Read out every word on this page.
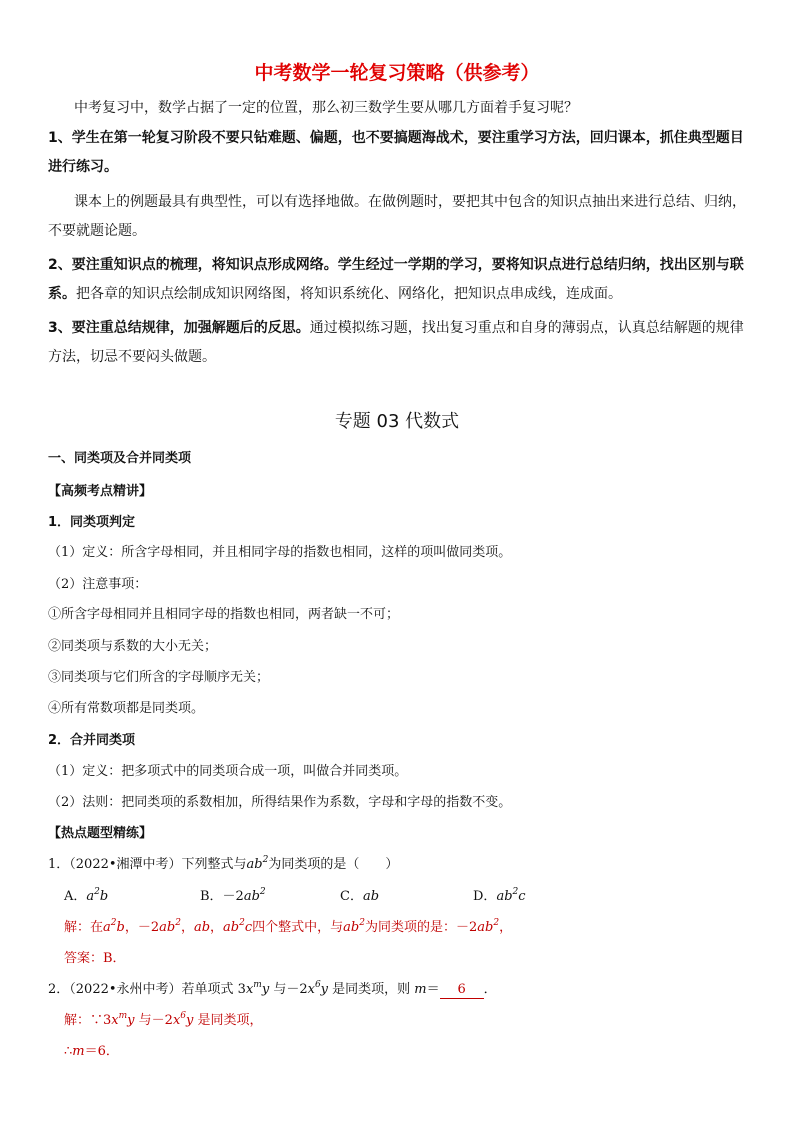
中考数学一轮复习策略（供参考）
中考复习中，数学占据了一定的位置，那么初三数学生要从哪几方面着手复习呢？
1、学生在第一轮复习阶段不要只钻难题、偏题，也不要搞题海战术，要注重学习方法，回归课本，抓住典型题目
进行练习。
课本上的例题最具有典型性，可以有选择地做。在做例题时，要把其中包含的知识点抽出来进行总结、归纳，
不要就题论题。
2、要注重知识点的梳理，将知识点形成网络。学生经过一学期的学习，要将知识点进行总结归纳，找出区别与联
系。把各章的知识点绘制成知识网络图，将知识系统化、网络化，把知识点串成线，连成面。
3、要注重总结规律，加强解题后的反思。通过模拟练习题，找出复习重点和自身的薄弱点，认真总结解题的规律
方法，切忌不要闷头做题。
专题 03 代数式
一、同类项及合并同类项
【高频考点精讲】
1．同类项判定
（1）定义：所含字母相同，并且相同字母的指数也相同，这样的项叫做同类项。
（2）注意事项：
①所含字母相同并且相同字母的指数也相同，两者缺一不可；
②同类项与系数的大小无关；
③同类项与它们所含的字母顺序无关；
④所有常数项都是同类项。
2．合并同类项
（1）定义：把多项式中的同类项合成一项，叫做合并同类项。
（2）法则：把同类项的系数相加，所得结果作为系数，字母和字母的指数不变。
【热点题型精练】
1．（2022•湘潭中考）下列整式与$ab^2$为同类项的是（　　）
A．$a^2b$	B．$-2ab^2$	C．ab	D．$ab^2c$
解：在$a^2b$，$-2ab^2$，ab，$ab^2c$四个整式中，与$ab^2$为同类项的是：$-2ab^2$，
答案：B．
2．（2022•永州中考）若单项式 $3x^my$ 与$-2x^6y$ 是同类项，则 m＝ 6 ．
解：$\because 3x^my$ 与$-2x^6y$ 是同类项，
∴m＝6．
